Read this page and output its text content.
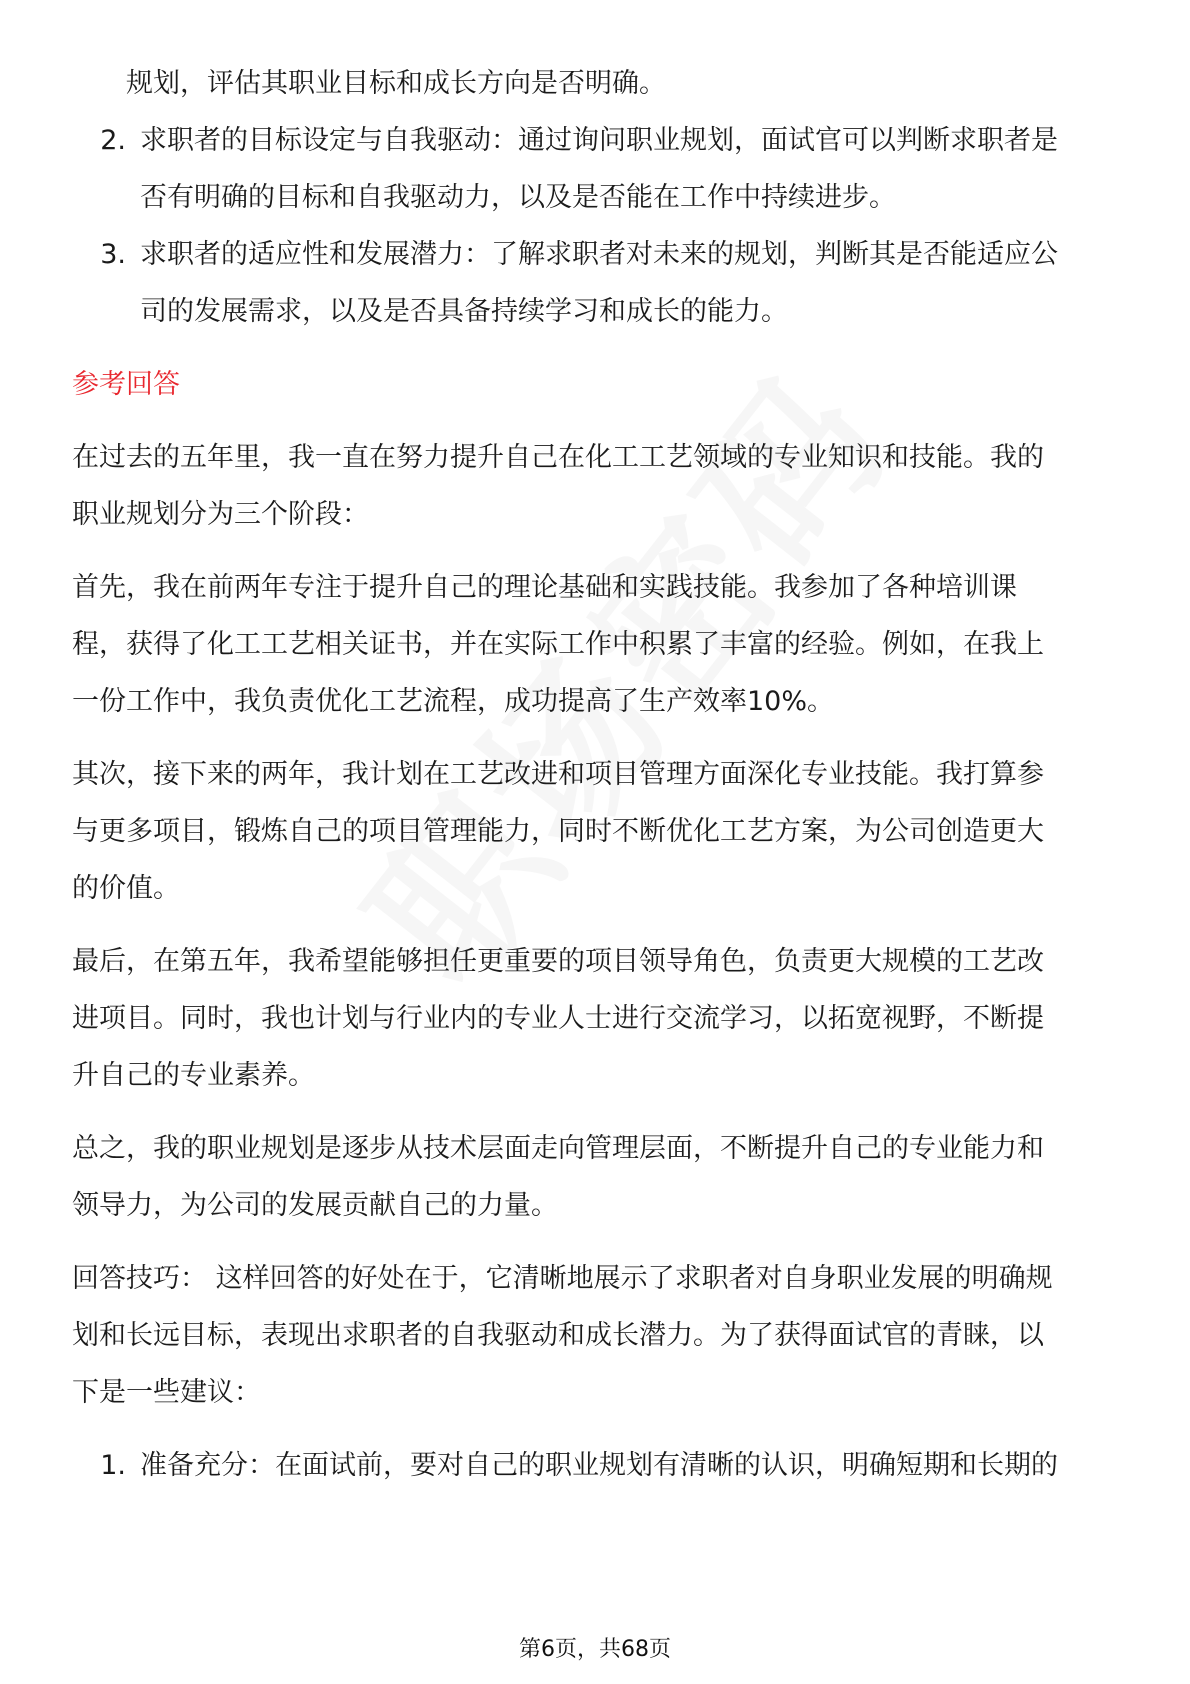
规划，评估其职业目标和成长方向是否明确。
2. 求职者的目标设定与自我驱动：通过询问职业规划，面试官可以判断求职者是
否有明确的目标和自我驱动力，以及是否能在工作中持续进步。
3. 求职者的适应性和发展潜力：了解求职者对未来的规划，判断其是否能适应公
司的发展需求，以及是否具备持续学习和成长的能力。
参考回答
在过去的五年里，我一直在努力提升自己在化工工艺领域的专业知识和技能。我的
职业规划分为三个阶段：
首先，我在前两年专注于提升自己的理论基础和实践技能。我参加了各种培训课
程，获得了化工工艺相关证书，并在实际工作中积累了丰富的经验。例如，在我上
一份工作中，我负责优化工艺流程，成功提高了生产效率10%。
其次，接下来的两年，我计划在工艺改进和项目管理方面深化专业技能。我打算参
与更多项目，锻炼自己的项目管理能力，同时不断优化工艺方案，为公司创造更大
的价值。
最后，在第五年，我希望能够担任更重要的项目领导角色，负责更大规模的工艺改
进项目。同时，我也计划与行业内的专业人士进行交流学习，以拓宽视野，不断提
升自己的专业素养。
总之，我的职业规划是逐步从技术层面走向管理层面，不断提升自己的专业能力和
领导力，为公司的发展贡献自己的力量。
回答技巧： 这样回答的好处在于，它清晰地展示了求职者对自身职业发展的明确规
划和长远目标，表现出求职者的自我驱动和成长潜力。为了获得面试官的青睐，以
下是一些建议：
1. 准备充分：在面试前，要对自己的职业规划有清晰的认识，明确短期和长期的
第6页，共68页
